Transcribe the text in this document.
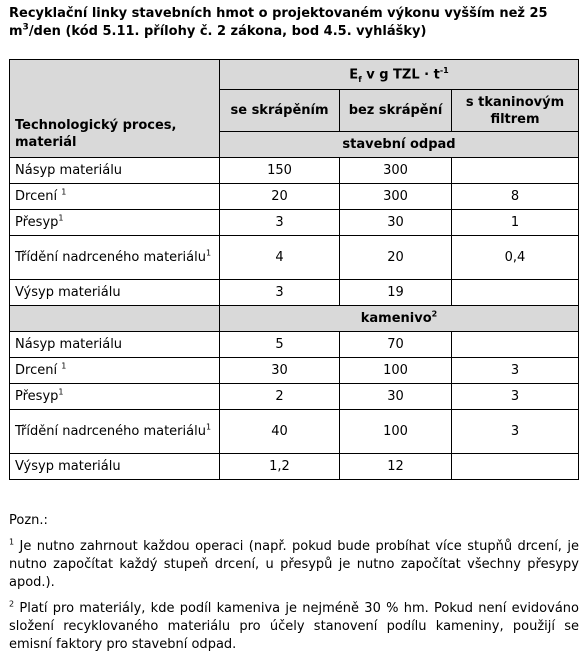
Recyklační linky stavebních hmot o projektovaném výkonu vyšším než 25 $m^3$/den (kód 5.11. přílohy č. 2 zákona, bod 4.5. vyhlášky)
Technologický proces, materiál	$E_f$ v g TZL · $t^{-1}$
	se skrápěním	bez skrápění	s tkaninovým filtrem
	stavební odpad		
Násyp materiálu	150	300	
Drcení $^1$	20	300	8
Přesyp$^1$	3	30	1
Třídění nadrceného materiálu$^1$	4	20	0,4
Výsyp materiálu	3	19	
	kamenivo$^2$
Násyp materiálu	5	70	
Drcení $^1$	30	100	3
Přesyp$^1$	2	30	3
Třídění nadrceného materiálu$^1$	40	100	3
Výsyp materiálu	1,2	12	

Pozn.:

$^1$ Je nutno zahrnout každou operaci (např. pokud bude probíhat více stupňů drcení, je nutno započítat každý stupeň drcení, u přesypů je nutno započítat všechny přesypy apod.).

$^2$ Platí pro materiály, kde podíl kameniva je nejméně 30 % hm. Pokud není evidováno složení recyklovaného materiálu pro účely stanovení podílu kameniny, použijí se emisní faktory pro stavební odpad.
